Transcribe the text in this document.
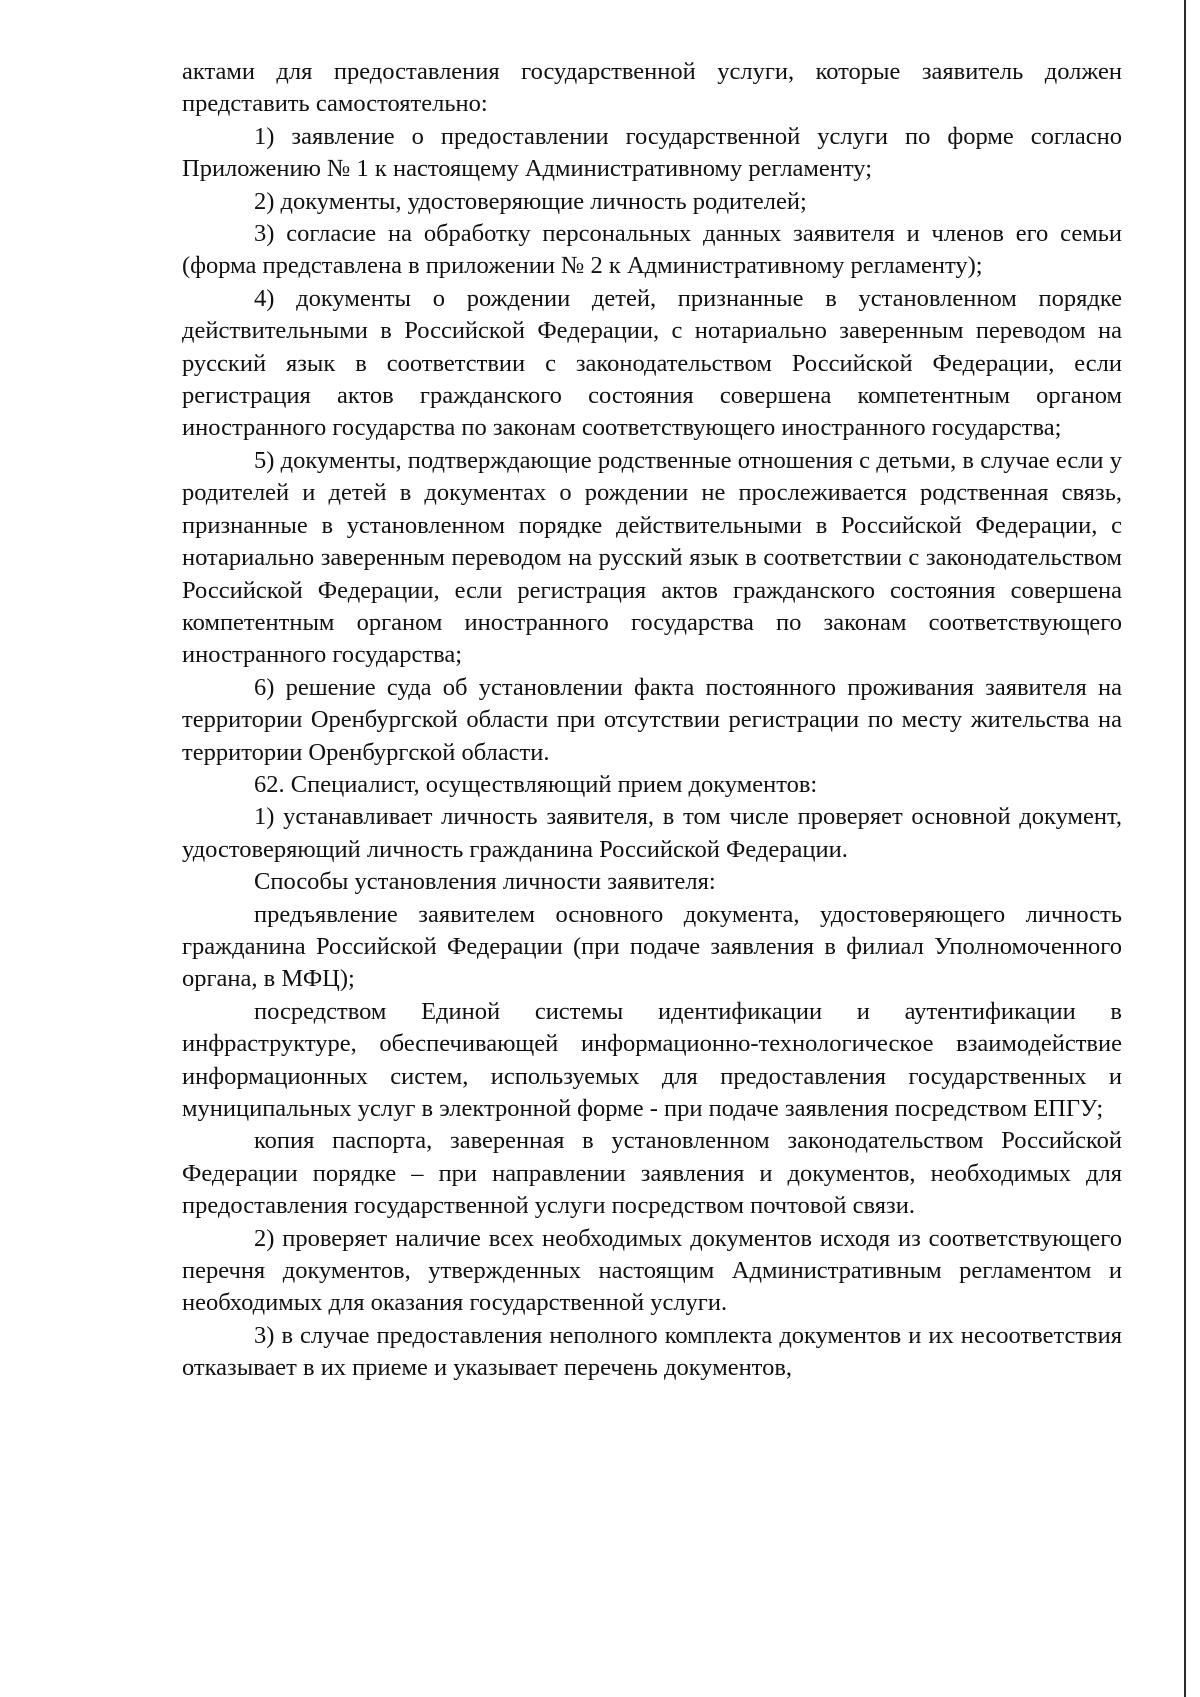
актами для предоставления государственной услуги, которые заявитель должен представить самостоятельно:

1) заявление о предоставлении государственной услуги по форме согласно Приложению № 1 к настоящему Административному регламенту;

2) документы, удостоверяющие личность родителей;

3) согласие на обработку персональных данных заявителя и членов его семьи (форма представлена в приложении № 2 к Административному регламенту);

4) документы о рождении детей, признанные в установленном порядке действительными в Российской Федерации, с нотариально заверенным переводом на русский язык в соответствии с законодательством Российской Федерации, если регистрация актов гражданского состояния совершена компетентным органом иностранного государства по законам соответствующего иностранного государства;

5) документы, подтверждающие родственные отношения с детьми, в случае если у родителей и детей в документах о рождении не прослеживается родственная связь, признанные в установленном порядке действительными в Российской Федерации, с нотариально заверенным переводом на русский язык в соответствии с законодательством Российской Федерации, если регистрация актов гражданского состояния совершена компетентным органом иностранного государства по законам соответствующего иностранного государства;

6) решение суда об установлении факта постоянного проживания заявителя на территории Оренбургской области при отсутствии регистрации по месту жительства на территории Оренбургской области.

62. Специалист, осуществляющий прием документов:

1) устанавливает личность заявителя, в том числе проверяет основной документ, удостоверяющий личность гражданина Российской Федерации.

Способы установления личности заявителя:

предъявление заявителем основного документа, удостоверяющего личность гражданина Российской Федерации (при подаче заявления в филиал Уполномоченного органа, в МФЦ);

посредством Единой системы идентификации и аутентификации в инфраструктуре, обеспечивающей информационно-технологическое взаимодействие информационных систем, используемых для предоставления государственных и муниципальных услуг в электронной форме - при подаче заявления посредством ЕПГУ;

копия паспорта, заверенная в установленном законодательством Российской Федерации порядке – при направлении заявления и документов, необходимых для предоставления государственной услуги посредством почтовой связи.

2) проверяет наличие всех необходимых документов исходя из соответствующего перечня документов, утвержденных настоящим Административным регламентом и необходимых для оказания государственной услуги.

3) в случае предоставления неполного комплекта документов и их несоответствия отказывает в их приеме и указывает перечень документов,
